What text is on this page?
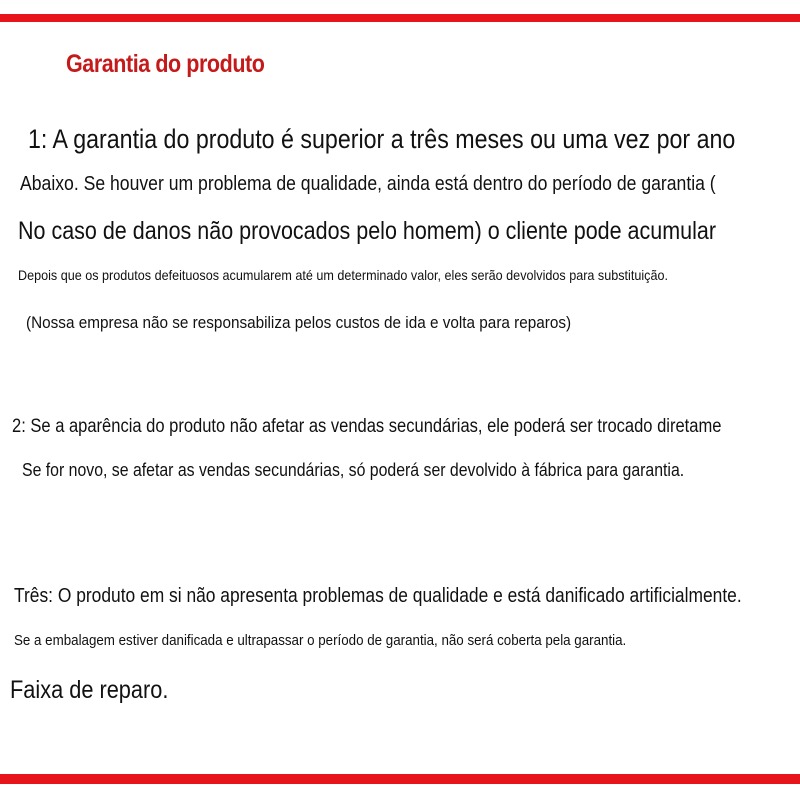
Garantia do produto
1: A garantia do produto é superior a três meses ou uma vez por ano
Abaixo. Se houver um problema de qualidade, ainda está dentro do período de garantia (
No caso de danos não provocados pelo homem) o cliente pode acumular
Depois que os produtos defeituosos acumularem até um determinado valor, eles serão devolvidos para substituição.
(Nossa empresa não se responsabiliza pelos custos de ida e volta para reparos)
2: Se a aparência do produto não afetar as vendas secundárias, ele poderá ser trocado diretame
Se for novo, se afetar as vendas secundárias, só poderá ser devolvido à fábrica para garantia.
Três: O produto em si não apresenta problemas de qualidade e está danificado artificialmente.
Se a embalagem estiver danificada e ultrapassar o período de garantia, não será coberta pela garantia.
Faixa de reparo.
